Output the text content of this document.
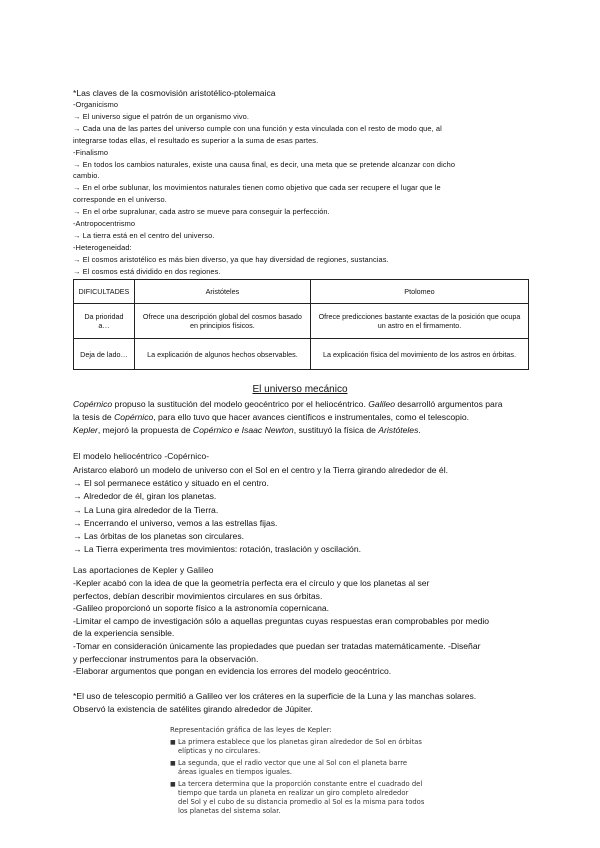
*Las claves de la cosmovisión aristotélico-ptolemaica
-Organicismo
→ El universo sigue el patrón de un organismo vivo.
→ Cada una de las partes del universo cumple con una función y esta vinculada con el resto de modo que, al
integrarse todas ellas, el resultado es superior a la suma de esas partes.
-Finalismo
→ En todos los cambios naturales, existe una causa final, es decir, una meta que se pretende alcanzar con dicho
cambio.
→ En el orbe sublunar, los movimientos naturales tienen como objetivo que cada ser recupere el lugar que le
corresponde en el universo.
→ En el orbe supralunar, cada astro se mueve para conseguir la perfección.
-Antropocentrismo
→ La tierra está en el centro del universo.
-Heterogeneidad:
→ El cosmos aristotélico es más bien diverso, ya que hay diversidad de regiones, sustancias.
→ El cosmos está dividido en dos regiones.
DIFICULTADES	Aristóteles	Ptolomeo
Da prioridad a…	Ofrece una descripción global del cosmos basado en principios físicos.	Ofrece predicciones bastante exactas de la posición que ocupa un astro en el firmamento.
Deja de lado…	La explicación de algunos hechos observables.	La explicación física del movimiento de los astros en órbitas.
El universo mecánico
Copérnico propuso la sustitución del modelo geocéntrico por el heliocéntrico. Galileo desarrolló argumentos para
la tesis de Copérnico, para ello tuvo que hacer avances científicos e instrumentales, como el telescopio.
Kepler, mejoró la propuesta de Copérnico e Isaac Newton, sustituyó la física de Aristóteles.
El modelo heliocéntrico -Copérnico-
Aristarco elaboró un modelo de universo con el Sol en el centro y la Tierra girando alrededor de él.
→ El sol permanece estático y situado en el centro.
→ Alrededor de él, giran los planetas.
→ La Luna gira alrededor de la Tierra.
→ Encerrando el universo, vemos a las estrellas fijas.
→ Las órbitas de los planetas son circulares.
→ La Tierra experimenta tres movimientos: rotación, traslación y oscilación.
Las aportaciones de Kepler y Galileo
-Kepler acabó con la idea de que la geometría perfecta era el círculo y que los planetas al ser
perfectos, debían describir movimientos circulares en sus órbitas.
-Galileo proporcionó un soporte físico a la astronomía copernicana.
-Limitar el campo de investigación sólo a aquellas preguntas cuyas respuestas eran comprobables por medio
de la experiencia sensible.
-Tomar en consideración únicamente las propiedades que puedan ser tratadas matemáticamente. -Diseñar
y perfeccionar instrumentos para la observación.
-Elaborar argumentos que pongan en evidencia los errores del modelo geocéntrico.
*El uso de telescopio permitió a Galileo ver los cráteres en la superficie de la Luna y las manchas solares.
Observó la existencia de satélites girando alrededor de Júpiter.
Representación gráfica de las leyes de Kepler:
■ La primera establece que los planetas giran alrededor de Sol en órbitas
elípticas y no circulares.
■ La segunda, que el radio vector que une al Sol con el planeta barre
áreas iguales en tiempos iguales.
■ La tercera determina que la proporción constante entre el cuadrado del
tiempo que tarda un planeta en realizar un giro completo alrededor
del Sol y el cubo de su distancia promedio al Sol es la misma para todos
los planetas del sistema solar.
